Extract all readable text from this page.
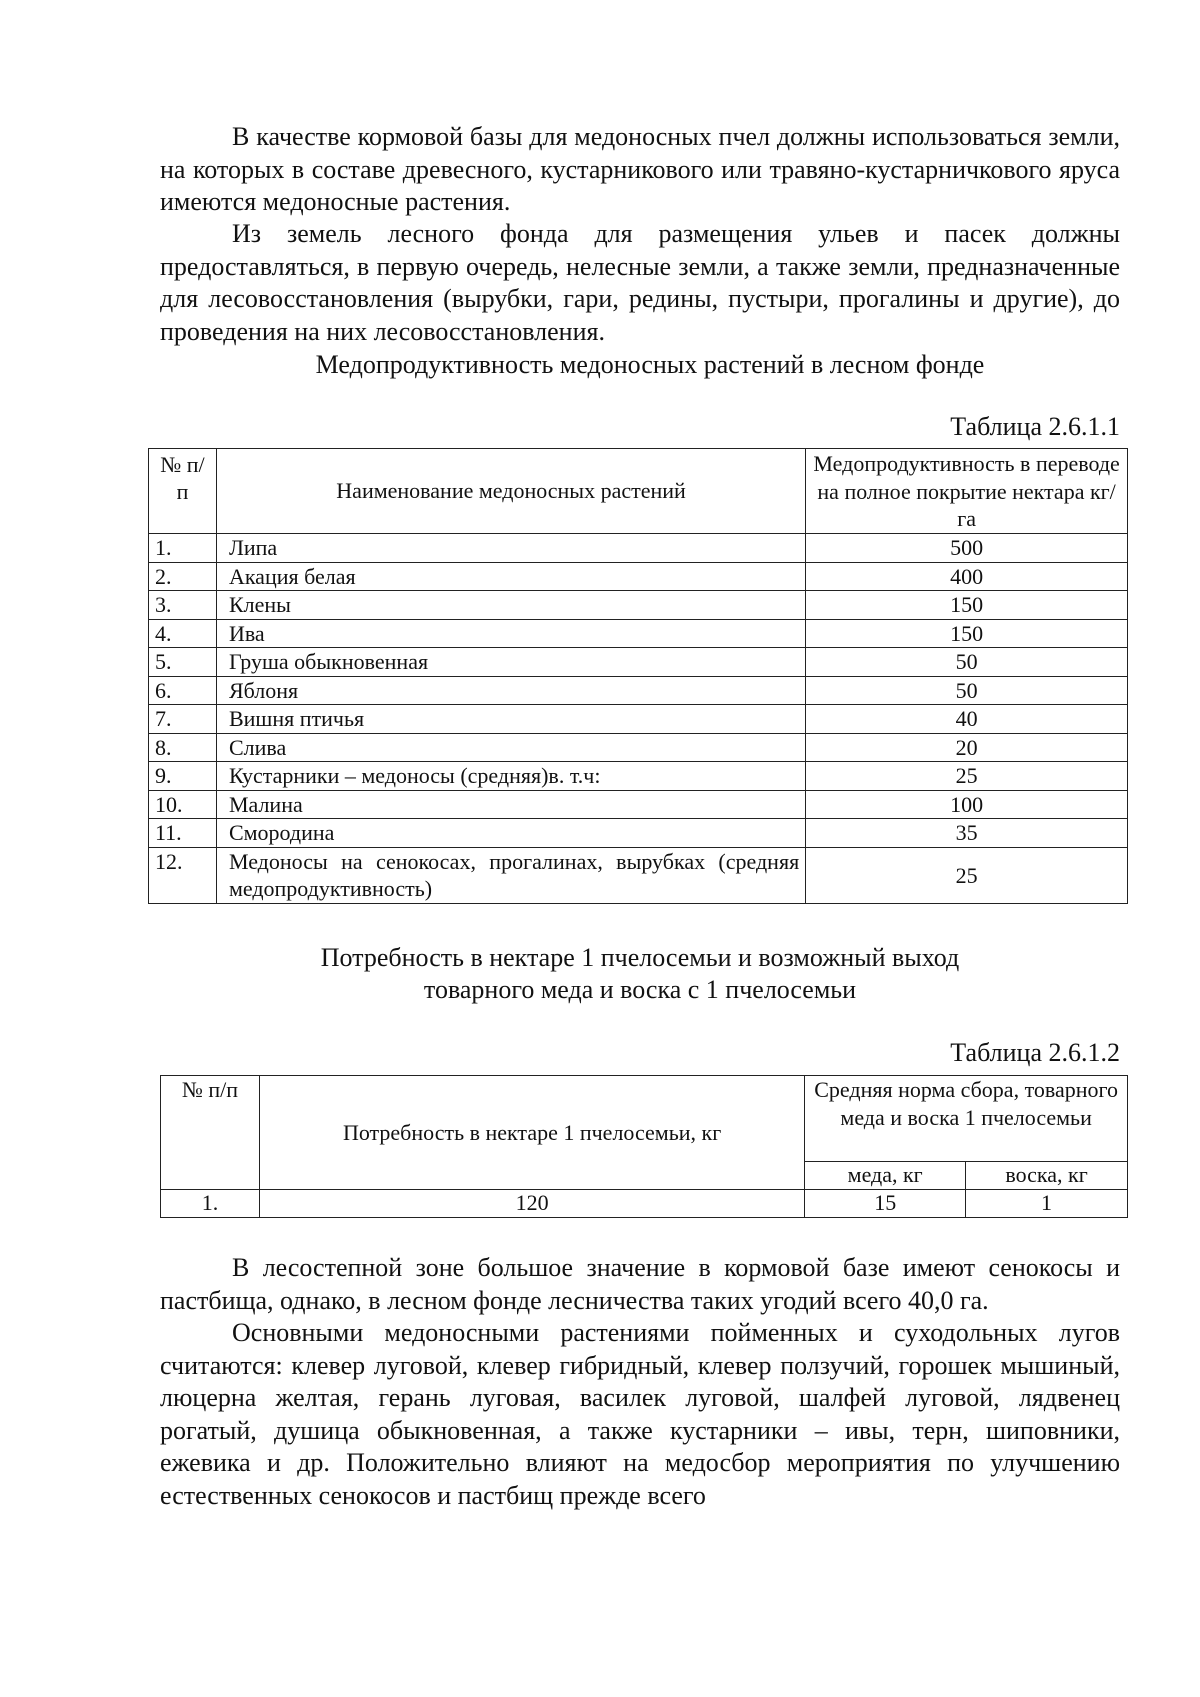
В качестве кормовой базы для медоносных пчел должны использоваться земли, на которых в составе древесного, кустарникового или травяно-кустарничкового яруса имеются медоносные растения.

Из земель лесного фонда для размещения ульев и пасек должны предоставляться, в первую очередь, нелесные земли, а также земли, предназначенные для лесовосстановления (вырубки, гари, редины, пустыри, прогалины и другие), до проведения на них лесовосстановления.

Медопродуктивность медоносных растений в лесном фонде

Таблица 2.6.1.1
№ п/п	Наименование медоносных растений	Медопродуктивность в переводе на полное покрытие нектара кг/га
1.	Липа	500
2.	Акация белая	400
3.	Клены	150
4.	Ива	150
5.	Груша обыкновенная	50
6.	Яблоня	50
7.	Вишня птичья	40
8.	Слива	20
9.	Кустарники – медоносы (средняя)в. т.ч:	25
10.	Малина	100
11.	Смородина	35
12.	Медоносы на сенокосах, прогалинах, вырубках (средняя медопродуктивность)	25

Потребность в нектаре 1 пчелосемьи и возможный выход

товарного меда и воска с 1 пчелосемьи

Таблица 2.6.1.2
№ п/п	Потребность в нектаре 1 пчелосемьи, кг	Средняя норма сбора, товарного меда и воска 1 пчелосемьи	
		меда, кг	воска, кг
1.	120	15	1

В лесостепной зоне большое значение в кормовой базе имеют сенокосы и пастбища, однако, в лесном фонде лесничества таких угодий всего 40,0 га.

Основными медоносными растениями пойменных и суходольных лугов считаются: клевер луговой, клевер гибридный, клевер ползучий, горошек мышиный, люцерна желтая, герань луговая, василек луговой, шалфей луговой, лядвенец рогатый, душица обыкновенная, а также кустарники – ивы, терн, шиповники, ежевика и др. Положительно влияют на медосбор мероприятия по улучшению естественных сенокосов и пастбищ прежде всего
